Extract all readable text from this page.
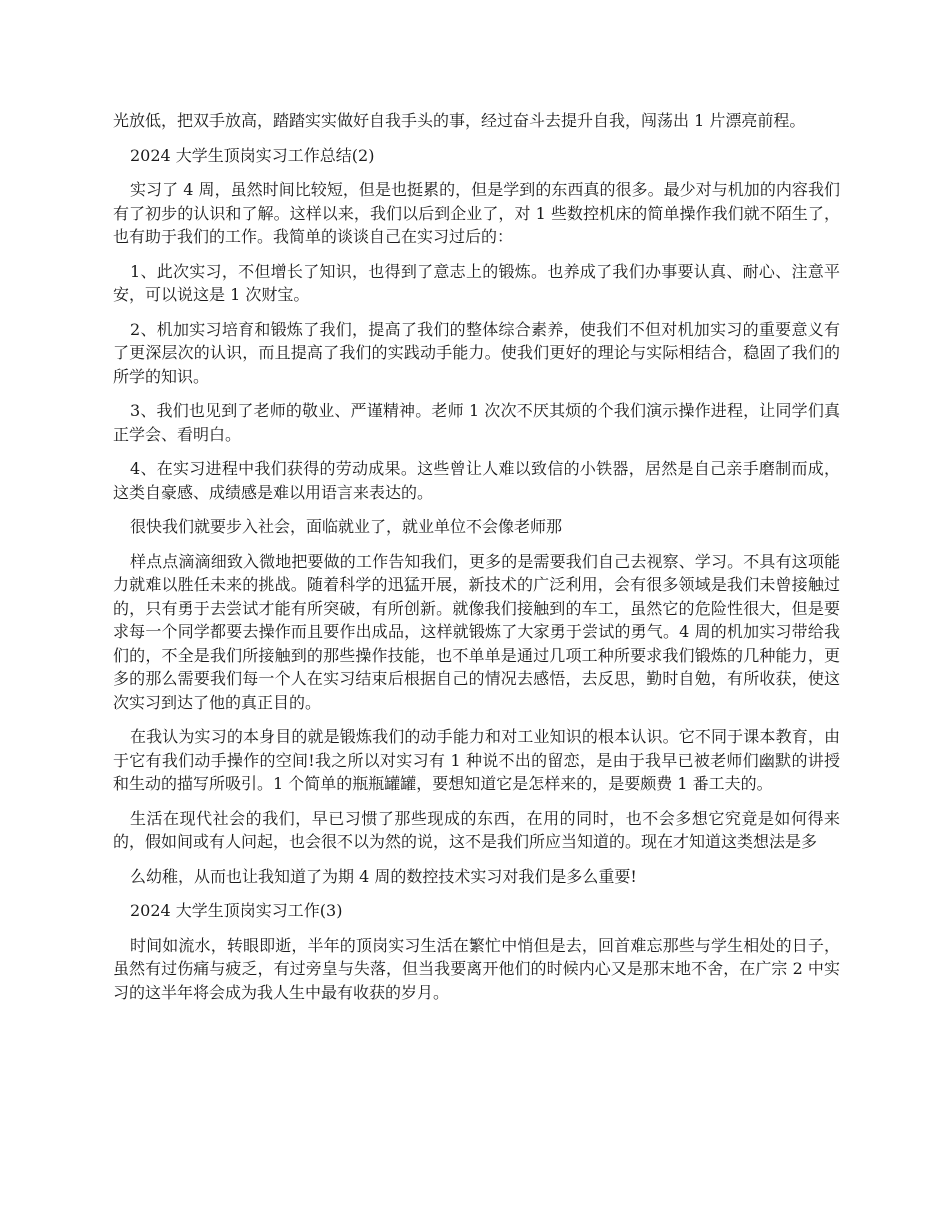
光放低，把双手放高，踏踏实实做好自我手头的事，经过奋斗去提升自我，闯荡出 1 片漂亮前程。

2024 大学生顶岗实习工作总结(2)

实习了 4 周，虽然时间比较短，但是也挺累的，但是学到的东西真的很多。最少对与机加的内容我们有了初步的认识和了解。这样以来，我们以后到企业了，对 1 些数控机床的简单操作我们就不陌生了，也有助于我们的工作。我简单的谈谈自己在实习过后的：

1、此次实习，不但增长了知识，也得到了意志上的锻炼。也养成了我们办事要认真、耐心、注意平安，可以说这是 1 次财宝。

2、机加实习培育和锻炼了我们，提高了我们的整体综合素养，使我们不但对机加实习的重要意义有了更深层次的认识，而且提高了我们的实践动手能力。使我们更好的理论与实际相结合，稳固了我们的所学的知识。

3、我们也见到了老师的敬业、严谨精神。老师 1 次次不厌其烦的个我们演示操作进程，让同学们真正学会、看明白。

4、在实习进程中我们获得的劳动成果。这些曾让人难以致信的小铁器，居然是自己亲手磨制而成，这类自豪感、成绩感是难以用语言来表达的。

很快我们就要步入社会，面临就业了，就业单位不会像老师那

样点点滴滴细致入微地把要做的工作告知我们，更多的是需要我们自己去视察、学习。不具有这项能力就难以胜任未来的挑战。随着科学的迅猛开展，新技术的广泛利用，会有很多领域是我们未曾接触过的，只有勇于去尝试才能有所突破，有所创新。就像我们接触到的车工，虽然它的危险性很大，但是要求每一个同学都要去操作而且要作出成品，这样就锻炼了大家勇于尝试的勇气。4 周的机加实习带给我们的，不全是我们所接触到的那些操作技能，也不单单是通过几项工种所要求我们锻炼的几种能力，更多的那么需要我们每一个人在实习结束后根据自己的情况去感悟，去反思，勤时自勉，有所收获，使这次实习到达了他的真正目的。

在我认为实习的本身目的就是锻炼我们的动手能力和对工业知识的根本认识。它不同于课本教育，由于它有我们动手操作的空间!我之所以对实习有 1 种说不出的留恋，是由于我早已被老师们幽默的讲授和生动的描写所吸引。1 个简单的瓶瓶罐罐，要想知道它是怎样来的，是要颇费 1 番工夫的。

生活在现代社会的我们，早已习惯了那些现成的东西，在用的同时，也不会多想它究竟是如何得来的，假如间或有人问起，也会很不以为然的说，这不是我们所应当知道的。现在才知道这类想法是多

么幼稚，从而也让我知道了为期 4 周的数控技术实习对我们是多么重要!

2024 大学生顶岗实习工作(3)

时间如流水，转眼即逝，半年的顶岗实习生活在繁忙中悄但是去，回首难忘那些与学生相处的日子，虽然有过伤痛与疲乏，有过旁皇与失落，但当我要离开他们的时候内心又是那末地不舍，在广宗 2 中实习的这半年将会成为我人生中最有收获的岁月。
